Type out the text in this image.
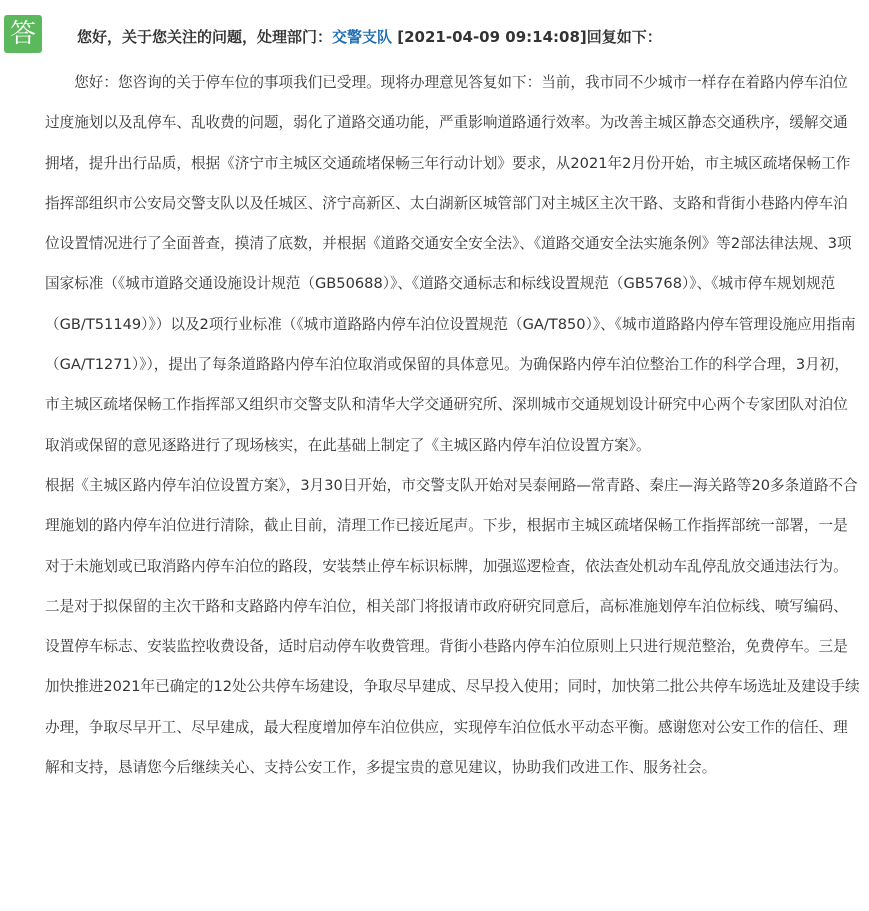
答	您好，关于您关注的问题，处理部门：交警支队 [2021-04-09 09:14:08]回复如下：

您好：您咨询的关于停车位的事项我们已受理。现将办理意见答复如下：当前，我市同不少城市一样存在着路内停车泊位过度施划以及乱停车、乱收费的问题，弱化了道路交通功能，严重影响道路通行效率。为改善主城区静态交通秩序，缓解交通拥堵，提升出行品质，根据《济宁市主城区交通疏堵保畅三年行动计划》要求，从2021年2月份开始，市主城区疏堵保畅工作指挥部组织市公安局交警支队以及任城区、济宁高新区、太白湖新区城管部门对主城区主次干路、支路和背街小巷路内停车泊位设置情况进行了全面普查，摸清了底数，并根据《道路交通安全安全法》、《道路交通安全法实施条例》等2部法律法规、3项国家标准（《城市道路交通设施设计规范（GB50688）》、《道路交通标志和标线设置规范（GB5768）》、《城市停车规划规范（GB/T51149）》）以及2项行业标准（《城市道路路内停车泊位设置规范（GA/T850）》、《城市道路路内停车管理设施应用指南（GA/T1271）》），提出了每条道路路内停车泊位取消或保留的具体意见。为确保路内停车泊位整治工作的科学合理，3月初，市主城区疏堵保畅工作指挥部又组织市交警支队和清华大学交通研究所、深圳城市交通规划设计研究中心两个专家团队对泊位取消或保留的意见逐路进行了现场核实，在此基础上制定了《主城区路内停车泊位设置方案》。

根据《主城区路内停车泊位设置方案》，3月30日开始，市交警支队开始对吴泰闸路—常青路、秦庄—海关路等20多条道路不合理施划的路内停车泊位进行清除，截止目前，清理工作已接近尾声。下步，根据市主城区疏堵保畅工作指挥部统一部署，一是对于未施划或已取消路内停车泊位的路段，安装禁止停车标识标牌，加强巡逻检查，依法查处机动车乱停乱放交通违法行为。二是对于拟保留的主次干路和支路路内停车泊位，相关部门将报请市政府研究同意后，高标准施划停车泊位标线、喷写编码、设置停车标志、安装监控收费设备，适时启动停车收费管理。背街小巷路内停车泊位原则上只进行规范整治，免费停车。三是加快推进2021年已确定的12处公共停车场建设，争取尽早建成、尽早投入使用；同时，加快第二批公共停车场选址及建设手续办理，争取尽早开工、尽早建成，最大程度增加停车泊位供应，实现停车泊位低水平动态平衡。感谢您对公安工作的信任、理解和支持，恳请您今后继续关心、支持公安工作，多提宝贵的意见建议，协助我们改进工作、服务社会。
